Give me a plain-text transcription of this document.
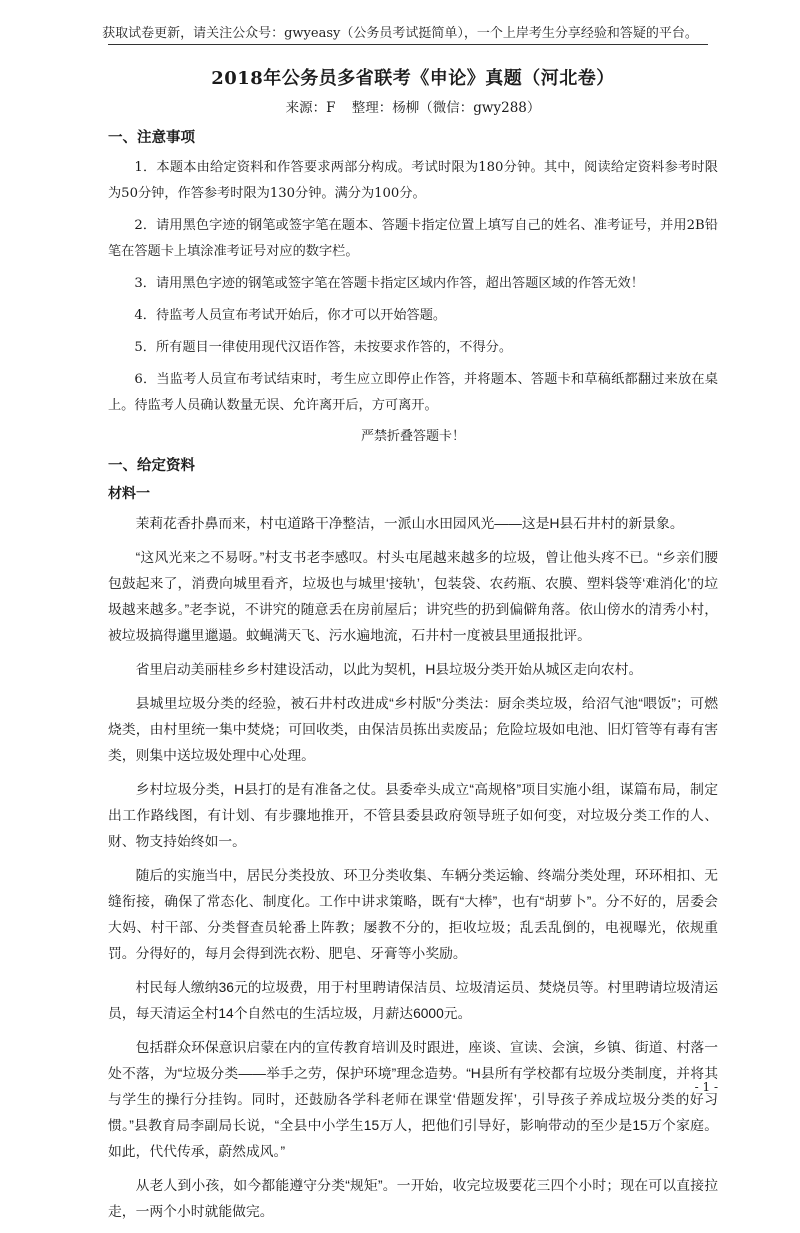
获取试卷更新，请关注公众号：gwyeasy（公务员考试挺简单），一个上岸考生分享经验和答疑的平台。
2018年公务员多省联考《申论》真题（河北卷）
来源：F 整理：杨柳（微信：gwy288）
一、注意事项

1．本题本由给定资料和作答要求两部分构成。考试时限为180分钟。其中，阅读给定资料参考时限为50分钟，作答参考时限为130分钟。满分为100分。

2．请用黑色字迹的钢笔或签字笔在题本、答题卡指定位置上填写自己的姓名、准考证号，并用2B铅笔在答题卡上填涂准考证号对应的数字栏。

3．请用黑色字迹的钢笔或签字笔在答题卡指定区域内作答，超出答题区域的作答无效！

4．待监考人员宣布考试开始后，你才可以开始答题。

5．所有题目一律使用现代汉语作答，未按要求作答的，不得分。

6．当监考人员宣布考试结束时，考生应立即停止作答，并将题本、答题卡和草稿纸都翻过来放在桌上。待监考人员确认数量无误、允许离开后，方可离开。

严禁折叠答题卡！
一、给定资料
材料一

茉莉花香扑鼻而来，村屯道路干净整洁，一派山水田园风光——这是H县石井村的新景象。

“这风光来之不易呀。”村支书老李感叹。村头屯尾越来越多的垃圾，曾让他头疼不已。“乡亲们腰包鼓起来了，消费向城里看齐，垃圾也与城里‘接轨’，包装袋、农药瓶、农膜、塑料袋等‘难消化’的垃圾越来越多。”老李说，不讲究的随意丢在房前屋后；讲究些的扔到偏僻角落。依山傍水的清秀小村，被垃圾搞得邋里邋遢。蚊蝇满天飞、污水遍地流，石井村一度被县里通报批评。

省里启动美丽桂乡乡村建设活动，以此为契机，H县垃圾分类开始从城区走向农村。

县城里垃圾分类的经验，被石井村改进成“乡村版”分类法：厨余类垃圾，给沼气池“喂饭”；可燃烧类，由村里统一集中焚烧；可回收类，由保洁员拣出卖废品；危险垃圾如电池、旧灯管等有毒有害类，则集中送垃圾处理中心处理。

乡村垃圾分类，H县打的是有准备之仗。县委牵头成立“高规格”项目实施小组，谋篇布局，制定出工作路线图，有计划、有步骤地推开，不管县委县政府领导班子如何变，对垃圾分类工作的人、财、物支持始终如一。

随后的实施当中，居民分类投放、环卫分类收集、车辆分类运输、终端分类处理，环环相扣、无缝衔接，确保了常态化、制度化。工作中讲求策略，既有“大棒”，也有“胡萝卜”。分不好的，居委会大妈、村干部、分类督查员轮番上阵教；屡教不分的，拒收垃圾；乱丢乱倒的，电视曝光，依规重罚。分得好的，每月会得到洗衣粉、肥皂、牙膏等小奖励。

村民每人缴纳36元的垃圾费，用于村里聘请保洁员、垃圾清运员、焚烧员等。村里聘请垃圾清运员，每天清运全村14个自然屯的生活垃圾，月薪达6000元。

包括群众环保意识启蒙在内的宣传教育培训及时跟进，座谈、宣读、会演，乡镇、街道、村落一处不落，为“垃圾分类——举手之劳，保护环境”理念造势。“H县所有学校都有垃圾分类制度，并将其与学生的操行分挂钩。同时，还鼓励各学科老师在课堂‘借题发挥’，引导孩子养成垃圾分类的好习惯。”县教育局李副局长说，“全县中小学生15万人，把他们引导好，影响带动的至少是15万个家庭。如此，代代传承，蔚然成风。”

从老人到小孩，如今都能遵守分类“规矩”。一开始，收完垃圾要花三四个小时；现在可以直接拉走，一两个小时就能做完。

- 1 -
